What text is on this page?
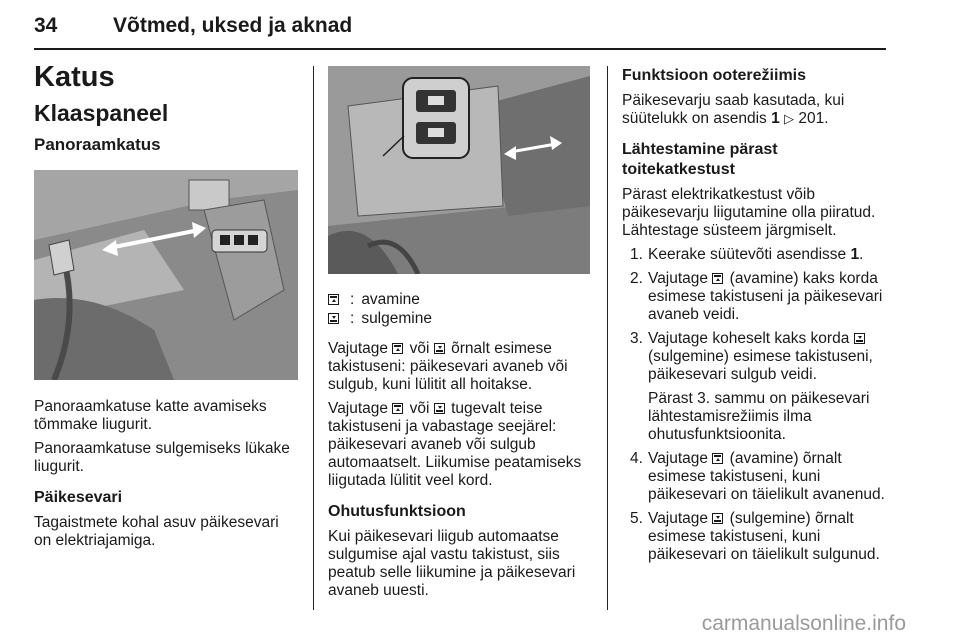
34	Võtmed, uksed ja aknad
Katus
Klaaspaneel
Panoraamkatus

Panoraamkatuse katte avamiseks tõmmake liugurit.

Panoraamkatuse sulgemiseks lükake liugurit.

Päikesevari

Tagaistmete kohal asuv päikesevari on elektriajamiga.

: avamine
: sulgemine

Vajutage või õrnalt esimese takistuseni: päikesevari avaneb või sulgub, kuni lülitit all hoitakse.

Vajutage või tugevalt teise takistuseni ja vabastage seejärel: päikesevari avaneb või sulgub automaatselt. Liikumise peatamiseks liigutada lülitit veel kord.

Ohutusfunktsioon

Kui päikesevari liigub automaatse sulgumise ajal vastu takistust, siis peatub selle liikumine ja päikesevari avaneb uuesti.

Funktsioon ooterežiimis

Päikesevarju saab kasutada, kui süütelukk on asendis 1 ▷ 201.

Lähtestamine pärast toitekatkestust

Pärast elektrikatkestust võib päikesevarju liigutamine olla piiratud. Lähtestage süsteem järgmiselt.

1. Keerake süütevõti asendisse 1.
2. Vajutage (avamine) kaks korda esimese takistuseni ja päikesevari avaneb veidi.
3. Vajutage koheselt kaks korda  (sulgemine) esimese takistuseni, päikesevari sulgub veidi.
Pärast 3. sammu on päikesevari lähtestamisrežiimis ilma ohutusfunktsioonita.
4. Vajutage (avamine) õrnalt esimese takistuseni, kuni päikesevari on täielikult avanenud.
5. Vajutage (sulgemine) õrnalt esimese takistuseni, kuni päikesevari on täielikult sulgunud.
carmanualsonline.info
